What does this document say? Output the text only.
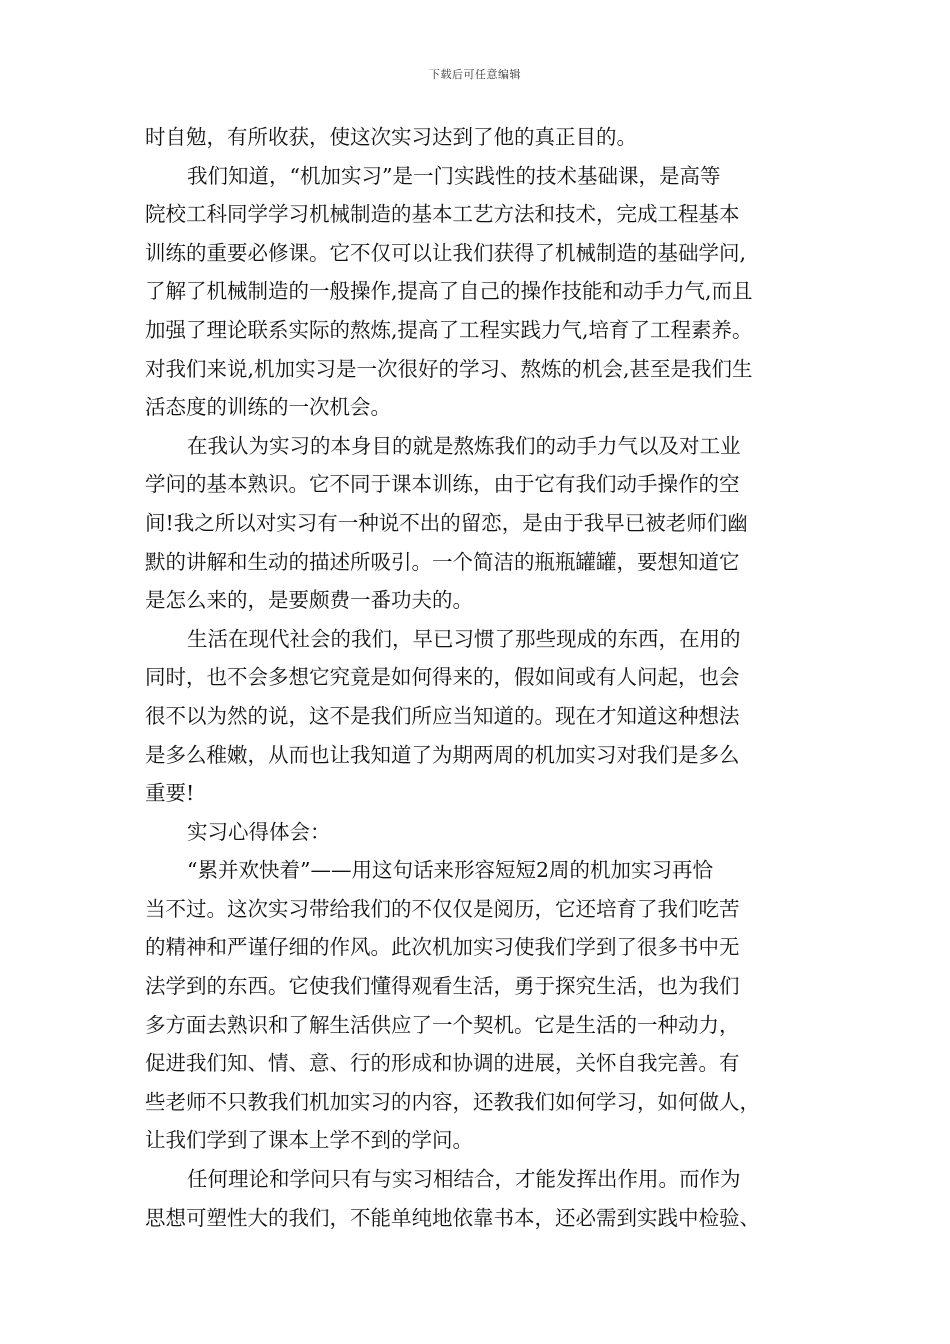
下载后可任意编辑
时自勉，有所收获，使这次实习达到了他的真正目的。
我们知道，“机加实习”是一门实践性的技术基础课，是高等
院校工科同学学习机械制造的基本工艺方法和技术，完成工程基本
训练的重要必修课。它不仅可以让我们获得了机械制造的基础学问,
了解了机械制造的一般操作,提高了自己的操作技能和动手力气,而且
加强了理论联系实际的熬炼,提高了工程实践力气,培育了工程素养。
对我们来说,机加实习是一次很好的学习、熬炼的机会,甚至是我们生
活态度的训练的一次机会。
在我认为实习的本身目的就是熬炼我们的动手力气以及对工业
学问的基本熟识。它不同于课本训练，由于它有我们动手操作的空
间!我之所以对实习有一种说不出的留恋，是由于我早已被老师们幽
默的讲解和生动的描述所吸引。一个简洁的瓶瓶罐罐，要想知道它
是怎么来的，是要颇费一番功夫的。
生活在现代社会的我们，早已习惯了那些现成的东西，在用的
同时，也不会多想它究竟是如何得来的，假如间或有人问起，也会
很不以为然的说，这不是我们所应当知道的。现在才知道这种想法
是多么稚嫩，从而也让我知道了为期两周的机加实习对我们是多么
重要!
实习心得体会：
“累并欢快着”——用这句话来形容短短2周的机加实习再恰
当不过。这次实习带给我们的不仅仅是阅历，它还培育了我们吃苦
的精神和严谨仔细的作风。此次机加实习使我们学到了很多书中无
法学到的东西。它使我们懂得观看生活，勇于探究生活，也为我们
多方面去熟识和了解生活供应了一个契机。它是生活的一种动力，
促进我们知、情、意、行的形成和协调的进展，关怀自我完善。有
些老师不只教我们机加实习的内容，还教我们如何学习，如何做人，
让我们学到了课本上学不到的学问。
任何理论和学问只有与实习相结合，才能发挥出作用。而作为
思想可塑性大的我们，不能单纯地依靠书本，还必需到实践中检验、
